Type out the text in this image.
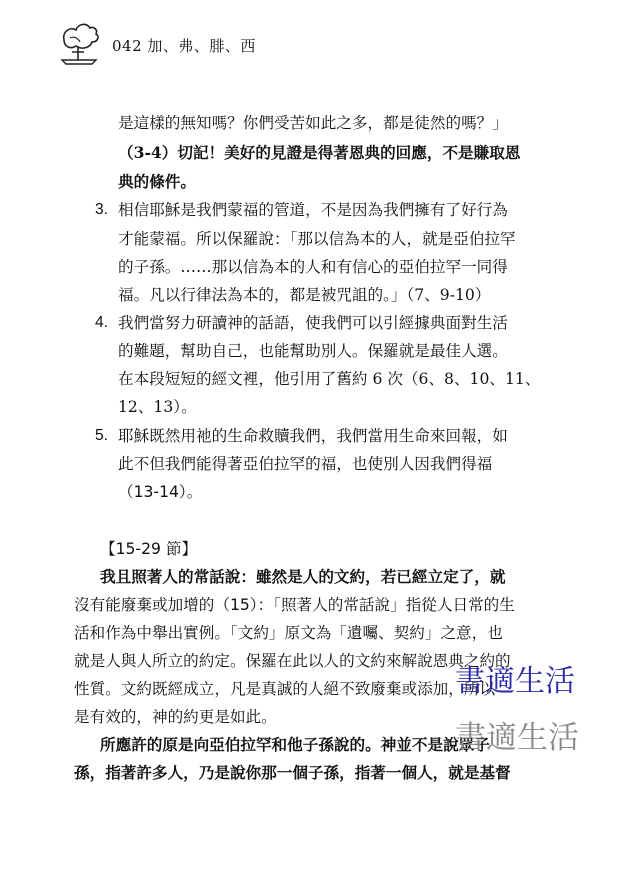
042 加、弗、腓、西
是這樣的無知嗎？你們受苦如此之多，都是徒然的嗎？」
（3-4）切記！美好的見證是得著恩典的回應，不是賺取恩
典的條件。
3. 相信耶穌是我們蒙福的管道，不是因為我們擁有了好行為
才能蒙福。所以保羅說：「那以信為本的人，就是亞伯拉罕
的子孫。……那以信為本的人和有信心的亞伯拉罕一同得
福。凡以行律法為本的，都是被咒詛的。」（7、9-10）
4. 我們當努力研讀神的話語，使我們可以引經據典面對生活
的難題，幫助自己，也能幫助別人。保羅就是最佳人選。
在本段短短的經文裡，他引用了舊約 6 次（6、8、10、11、
12、13）。
5. 耶穌既然用祂的生命救贖我們，我們當用生命來回報，如
此不但我們能得著亞伯拉罕的福，也使別人因我們得福
（13-14）。
【15-29 節】
我且照著人的常話說：雖然是人的文約，若已經立定了，就
沒有能廢棄或加增的（15）：「照著人的常話說」指從人日常的生
活和作為中舉出實例。「文約」原文為「遺囑、契約」之意，也
就是人與人所立的約定。保羅在此以人的文約來解說恩典之約的
性質。文約既經成立，凡是真誠的人絕不致廢棄或添加，所以
是有效的，神的約更是如此。
所應許的原是向亞伯拉罕和他子孫說的。神並不是說眾子
孫，指著許多人，乃是說你那一個子孫，指著一個人，就是基督
書適生活
書適生活
